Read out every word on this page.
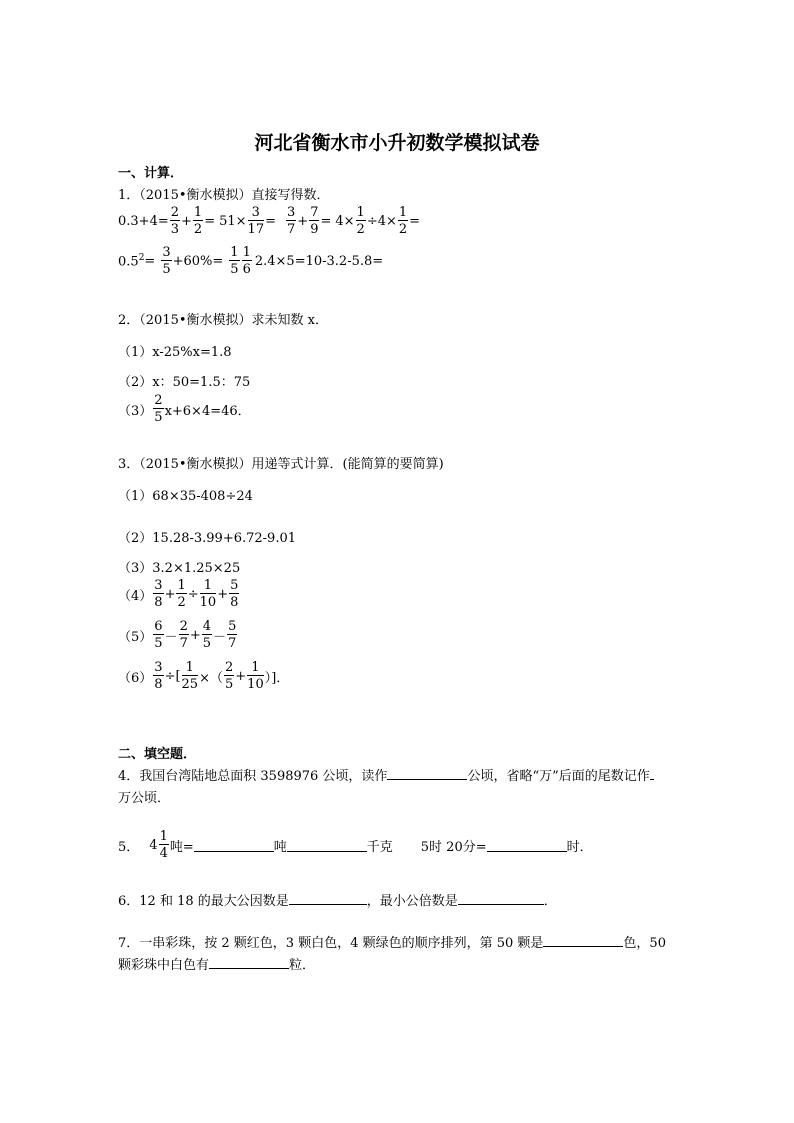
河北省衡水市小升初数学模拟试卷
一、计算．
1．（2015•衡水模拟）直接写得数．
$0.3+4= \frac{2}{3} + \frac{1}{2} = 51\times \frac{3}{17} = \frac{3}{7} + \frac{7}{9} = 4\times \frac{1}{2} \div 4\times \frac{1}{2}$ =
$0.5^2 = \frac{3}{5} +60\%= \frac{1}{5} \frac{1}{6} 2.4\times 5=10-3.2-5.8=$
2．（2015•衡水模拟）求未知数 x．
（1）x-25%x=1.8
（2）x：50=1.5：75
$(3) \frac{2}{5} x+6\times 4=46$．
3．（2015•衡水模拟）用递等式计算．(能简算的要简算)
（1）68×35-408÷24
（2）15.28-3.99+6.72-9.01
（3）3.2×1.25×25
$(4) \frac{3}{8} + \frac{1}{2} \div \frac{1}{10} + \frac{5}{8}$
$(5) \frac{6}{5} - \frac{2}{7} + \frac{4}{5} - \frac{5}{7}$
$(6) \frac{3}{8}$ ÷[ $\frac{1}{25}$ ×（ $\frac{2}{5} + \frac{1}{10}$ ）]．
二、填空题．
4．我国台湾陆地总面积 3598976 公顷，读作	公顷，省略“万”后面的尾数记作
万公顷．
5． $4 \frac{1}{4}$ 吨=	吨	千克 5时 20分=	时．
6．12 和 18 的最大公因数是	，最小公倍数是	．
7．一串彩珠，按 2 颗红色，3 颗白色，4 颗绿色的顺序排列，第 50 颗是	色，50
颗彩珠中白色有	粒．
